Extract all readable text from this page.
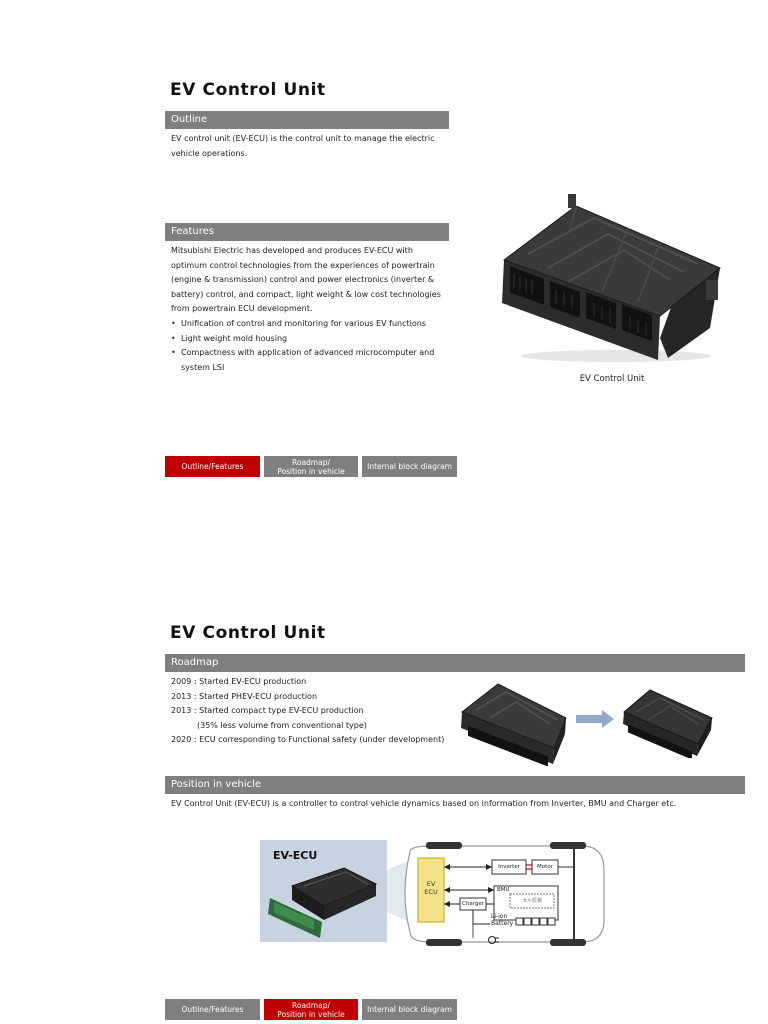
EV Control Unit
Outline
EV control unit (EV-ECU) is the control unit to manage the electric
vehicle operations.
Features
Mitsubishi Electric has developed and produces EV-ECU with
optimum control technologies from the experiences of powertrain
(engine & transmission) control and power electronics (inverter &
battery) control, and compact, light weight & low cost technologies
from powertrain ECU development.
• Unification of control and monitoring for various EV functions
• Light weight mold housing
• Compactness with application of advanced microcomputer and
system LSI
EV Control Unit
Outline/Features	Roadmap/
Position in vehicle	Internal block diagram
EV Control Unit
Roadmap
2009 : Started EV-ECU production
2013 : Started PHEV-ECU production
2013 : Started compact type EV-ECU production
(35% less volume from conventional type)
2020 : ECU corresponding to Functional safety (under development)
Position in vehicle
EV Control Unit (EV-ECU) is a controller to control vehicle dynamics based on information from Inverter, BMU and Charger etc.
EV-ECU
EV
ECU
Inverter	Motor
BMU
セル監視
Charger
Li-ion
Battery
Outline/Features	Roadmap/
Position in vehicle	Internal block diagram
